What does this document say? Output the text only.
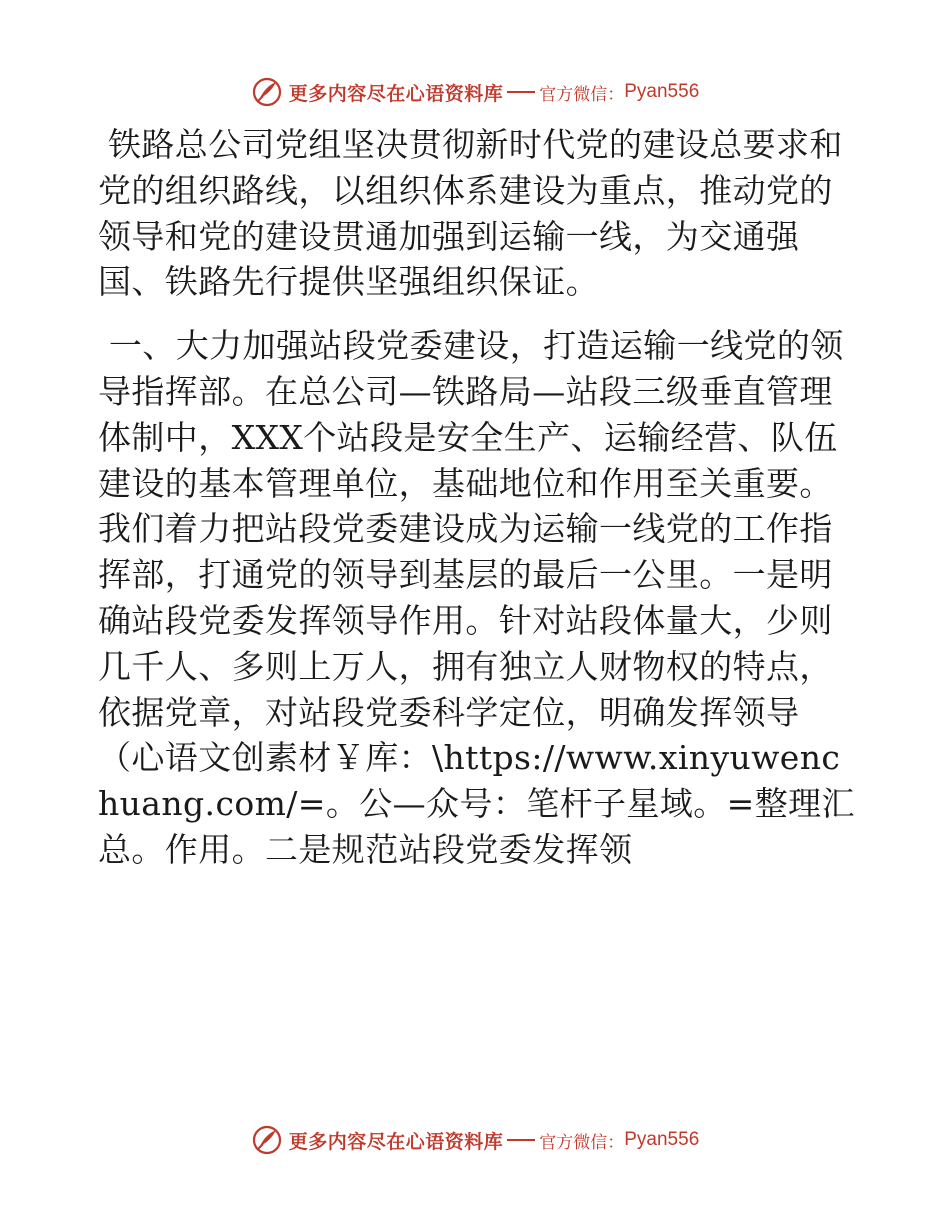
更多内容尽在心语资料库 官方微信： Pyan556

铁路总公司党组坚决贯彻新时代党的建设总要求和党的组织路线，以组织体系建设为重点，推动党的领导和党的建设贯通加强到运输一线，为交通强国、铁路先行提供坚强组织保证。

一、大力加强站段党委建设，打造运输一线党的领导指挥部。在总公司—铁路局—站段三级垂直管理体制中，XXX个站段是安全生产、运输经营、队伍建设的基本管理单位，基础地位和作用至关重要。我们着力把站段党委建设成为运输一线党的工作指挥部，打通党的领导到基层的最后一公里。一是明确站段党委发挥领导作用。针对站段体量大，少则几千人、多则上万人，拥有独立人财物权的特点，依据党章，对站段党委科学定位，明确发挥领导（心语文创素材￥库：\https://www.xinyuwenchuang.com/=。公—众号：笔杆子星域。=整理汇总。作用。二是规范站段党委发挥领

更多内容尽在心语资料库 官方微信： Pyan556
